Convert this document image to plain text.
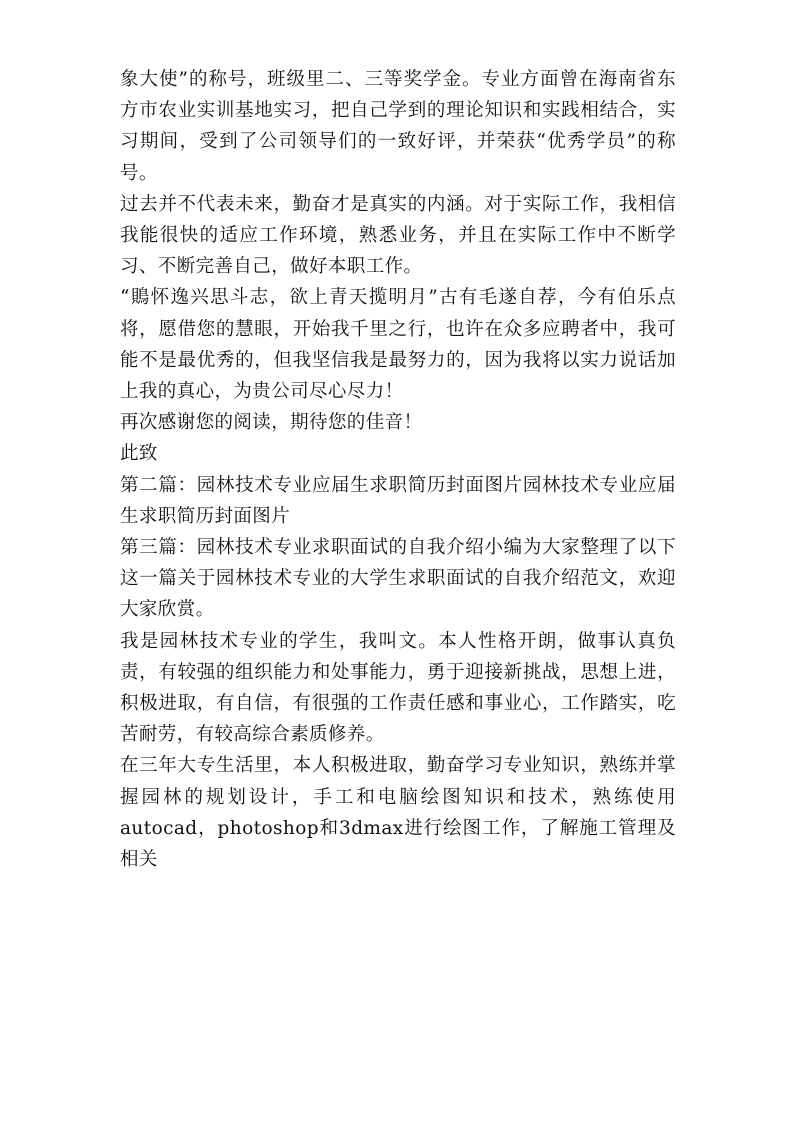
象大使”的称号，班级里二、三等奖学金。专业方面曾在海南省东方市农业实训基地实习，把自己学到的理论知识和实践相结合，实习期间，受到了公司领导们的一致好评，并荣获“优秀学员”的称号。

过去并不代表未来，勤奋才是真实的内涵。对于实际工作，我相信我能很快的适应工作环境，熟悉业务，并且在实际工作中不断学习、不断完善自己，做好本职工作。

“鵙怀逸兴思斗志，欲上青天揽明月”古有毛遂自荐，今有伯乐点将，愿借您的慧眼，开始我千里之行，也许在众多应聘者中，我可能不是最优秀的，但我坚信我是最努力的，因为我将以实力说话加上我的真心，为贵公司尽心尽力！

再次感谢您的阅读，期待您的佳音！

此致

第二篇：园林技术专业应届生求职简历封面图片园林技术专业应届生求职简历封面图片

第三篇：园林技术专业求职面试的自我介绍小编为大家整理了以下这一篇关于园林技术专业的大学生求职面试的自我介绍范文，欢迎大家欣赏。

我是园林技术专业的学生，我叫文。本人性格开朗，做事认真负责，有较强的组织能力和处事能力，勇于迎接新挑战，思想上进，积极进取，有自信，有很强的工作责任感和事业心，工作踏实，吃苦耐劳，有较高综合素质修养。

在三年大专生活里，本人积极进取，勤奋学习专业知识，熟练并掌握园林的规划设计，手工和电脑绘图知识和技术，熟练使用autocad，photoshop和3dmax进行绘图工作，了解施工管理及相关
